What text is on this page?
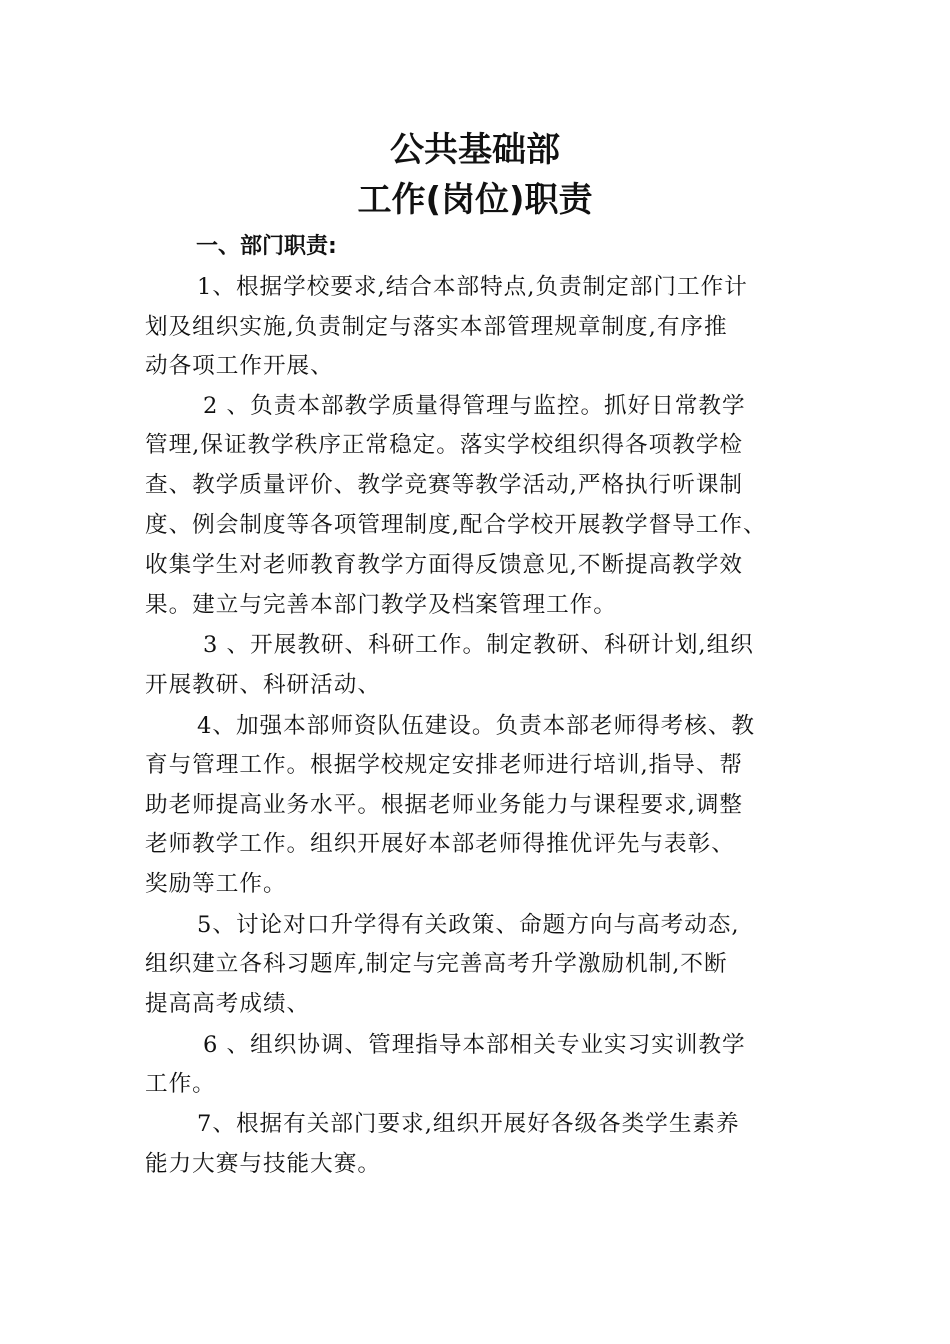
公共基础部
工作(岗位)职责
一、部门职责:

1、根据学校要求,结合本部特点,负责制定部门工作计

划及组织实施,负责制定与落实本部管理规章制度,有序推

动各项工作开展、

2 、负责本部教学质量得管理与监控。抓好日常教学

管理,保证教学秩序正常稳定。落实学校组织得各项教学检

查、教学质量评价、教学竞赛等教学活动,严格执行听课制

度、例会制度等各项管理制度,配合学校开展教学督导工作、

收集学生对老师教育教学方面得反馈意见,不断提高教学效

果。建立与完善本部门教学及档案管理工作。

3 、开展教研、科研工作。制定教研、科研计划,组织

开展教研、科研活动、

4、加强本部师资队伍建设。负责本部老师得考核、教

育与管理工作。根据学校规定安排老师进行培训,指导、帮

助老师提高业务水平。根据老师业务能力与课程要求,调整

老师教学工作。组织开展好本部老师得推优评先与表彰、

奖励等工作。

5、讨论对口升学得有关政策、命题方向与高考动态,

组织建立各科习题库,制定与完善高考升学激励机制,不断

提高高考成绩、

6 、组织协调、管理指导本部相关专业实习实训教学

工作。

7、根据有关部门要求,组织开展好各级各类学生素养

能力大赛与技能大赛。
